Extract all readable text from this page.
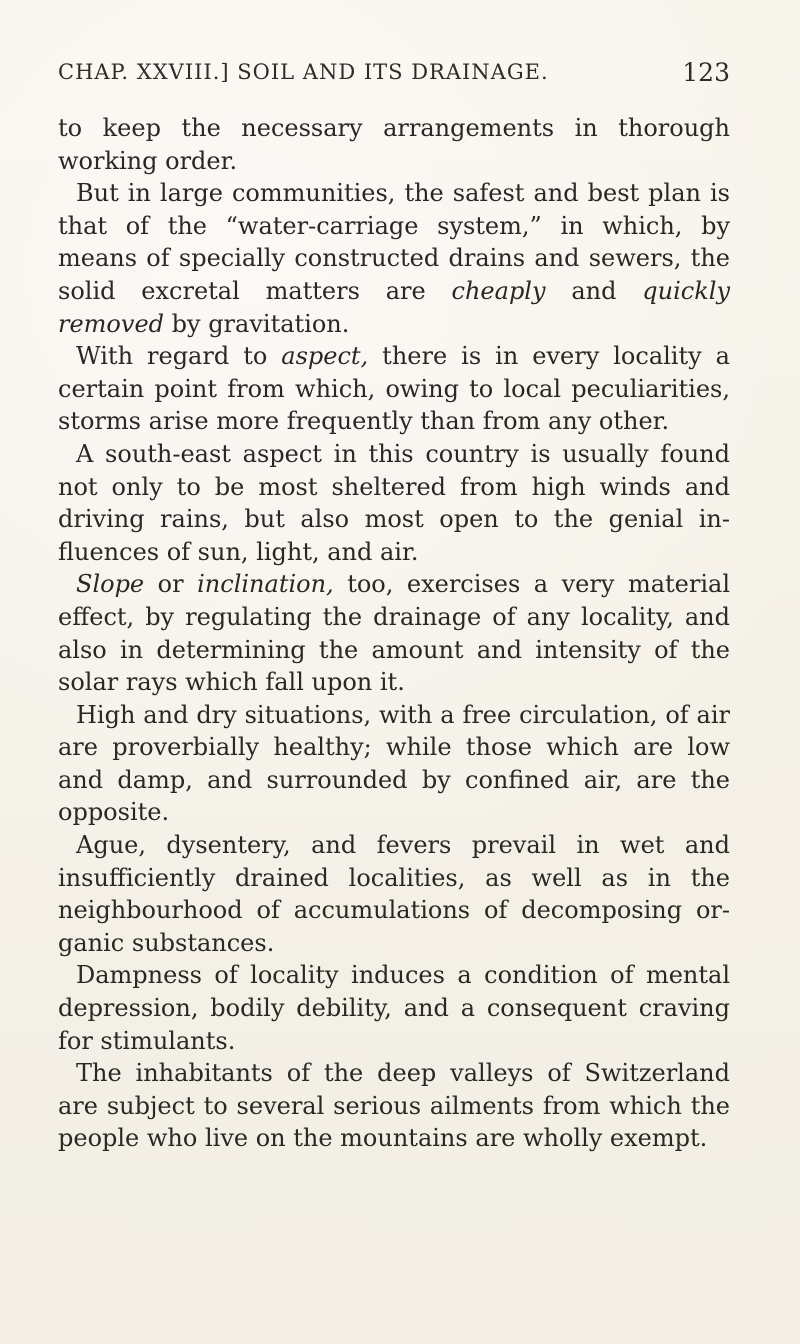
CHAP. XXVIII.] SOIL AND ITS DRAINAGE.	123

to keep the necessary arrangements in thorough working order.

But in large communities, the safest and best plan is that of the “water-carriage system,” in which, by means of specially constructed drains and sewers, the solid excretal matters are cheaply and quickly removed by gravitation.

With regard to aspect, there is in every locality a certain point from which, owing to local peculiarities, storms arise more frequently than from any other.

A south-east aspect in this country is usually found not only to be most sheltered from high winds and driving rains, but also most open to the genial in-fluences of sun, light, and air.

Slope or inclination, too, exercises a very material effect, by regulating the drainage of any locality, and also in determining the amount and intensity of the solar rays which fall upon it.

High and dry situations, with a free circulation, of air are proverbially healthy; while those which are low and damp, and surrounded by confined air, are the opposite.

Ague, dysentery, and fevers prevail in wet and insufficiently drained localities, as well as in the neighbourhood of accumulations of decomposing or-ganic substances.

Dampness of locality induces a condition of mental depression, bodily debility, and a consequent craving for stimulants.

The inhabitants of the deep valleys of Switzerland are subject to several serious ailments from which the people who live on the mountains are wholly exempt.
